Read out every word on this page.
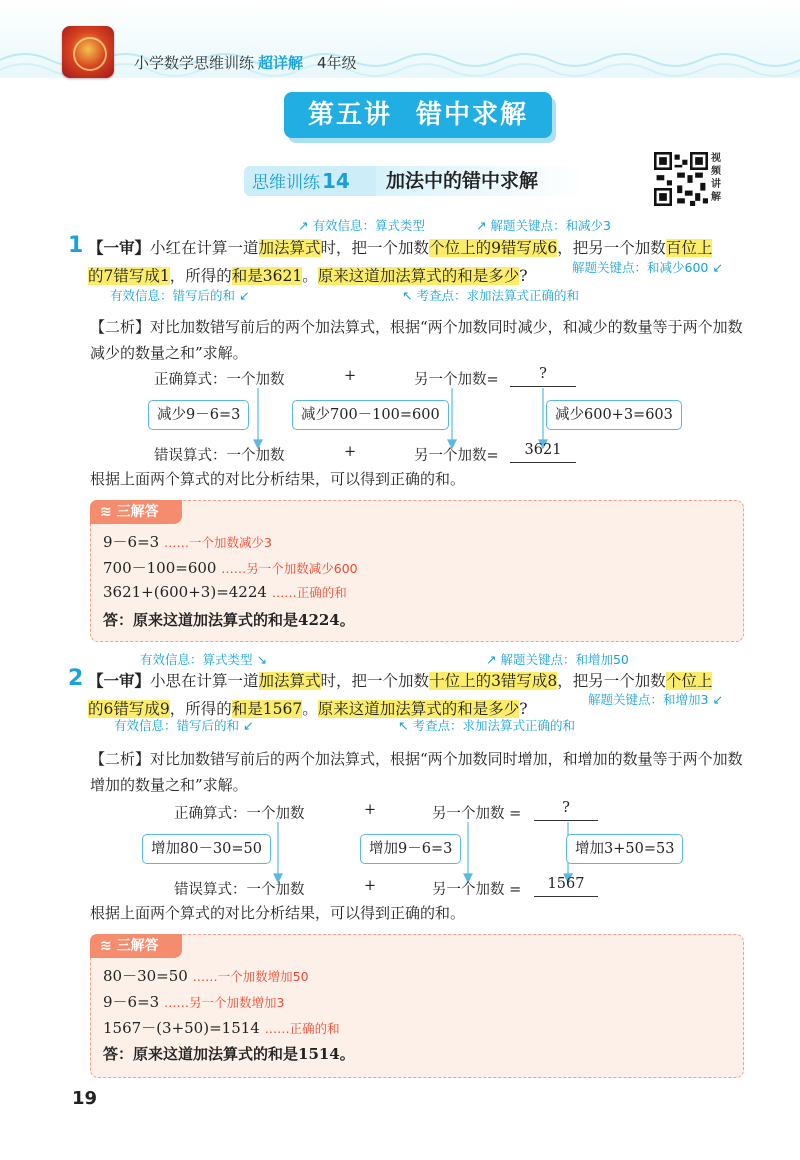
小学数学思维训练 超详解 4年级
第五讲 错中求解
思维训练 14	加法中的错中求解
视
频
讲
解
↗ 有效信息：算式类型	↗ 解题关键点：和减少3
1 【一审】小红在计算一道加法算式时，把一个加数个位上的9错写成6，把另一个加数百位上
的7错写成1，所得的和是3621。原来这道加法算式的和是多少?	解题关键点：和减少600 ↙
有效信息：错写后的和 ↙	↖ 考查点：求加法算式正确的和
【二析】对比加数错写前后的两个加法算式，根据“两个加数同时减少，和减少的数量等于两个加数减少的数量之和”求解。
正确算式：一个加数	+	另一个加数=	?
减少9－6=3	减少700－100=600	减少600+3=603
错误算式：一个加数	+	另一个加数=	3621
根据上面两个算式的对比分析结果，可以得到正确的和。
≋ 三解答
9－6=3 ……一个加数减少3
700－100=600 ……另一个加数减少600
3621+(600+3)=4224 ……正确的和
答：原来这道加法算式的和是4224。
有效信息：算式类型 ↘	↗ 解题关键点：和增加50
2 【一审】小思在计算一道加法算式时，把一个加数十位上的3错写成8，把另一个加数个位上
的6错写成9，所得的和是1567。原来这道加法算式的和是多少?
解题关键点：和增加3 ↙
有效信息：错写后的和 ↙	↖ 考查点：求加法算式正确的和
【二析】对比加数错写前后的两个加法算式，根据“两个加数同时增加，和增加的数量等于两个加数增加的数量之和”求解。
正确算式：一个加数	+	另一个加数 =	?
增加80－30=50	增加9－6=3	增加3+50=53
错误算式：一个加数	+	另一个加数 =	1567
根据上面两个算式的对比分析结果，可以得到正确的和。
≋ 三解答
80－30=50 ……一个加数增加50
9－6=3 ……另一个加数增加3
1567－(3+50)=1514 ……正确的和
答：原来这道加法算式的和是1514。
19
